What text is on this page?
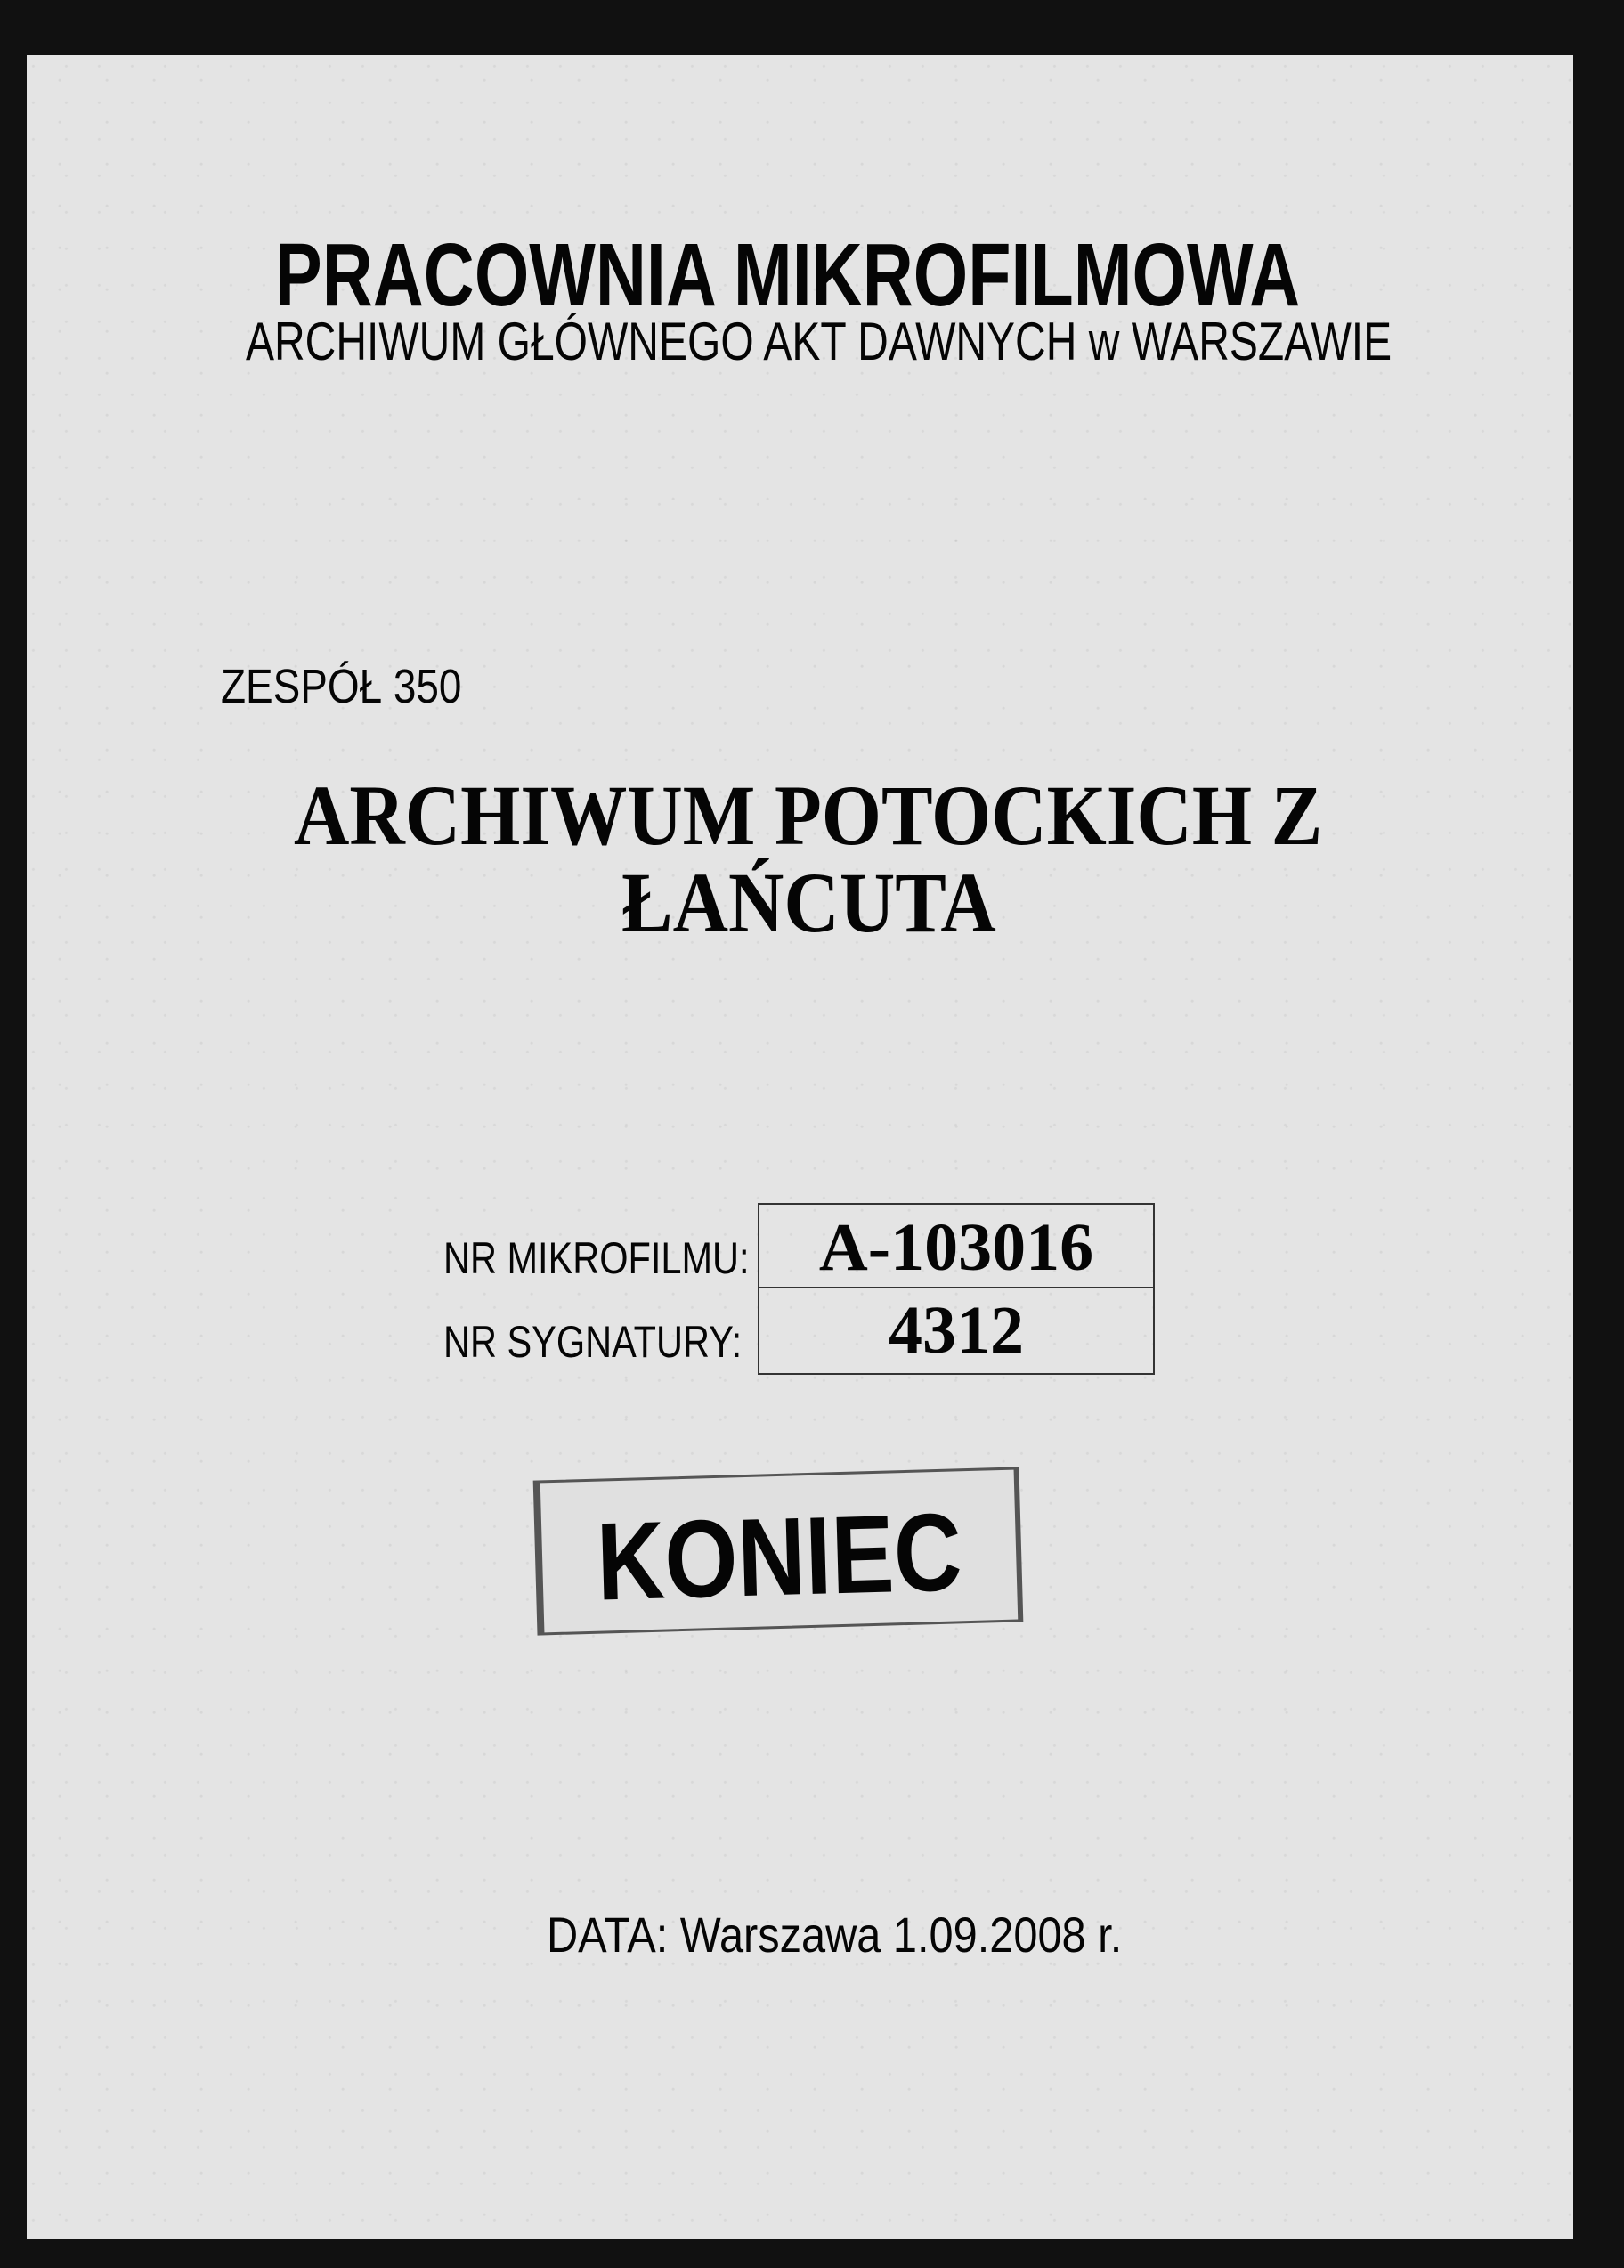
PRACOWNIA MIKROFILMOWA
ARCHIWUM GŁÓWNEGO AKT DAWNYCH w WARSZAWIE
ZESPÓŁ 350
ARCHIWUM POTOCKICH Z
ŁAŃCUTA
NR MIKROFILMU:
NR SYGNATURY:
A-103016
4312
KONIEC
DATA: Warszawa 1.09.2008 r.
